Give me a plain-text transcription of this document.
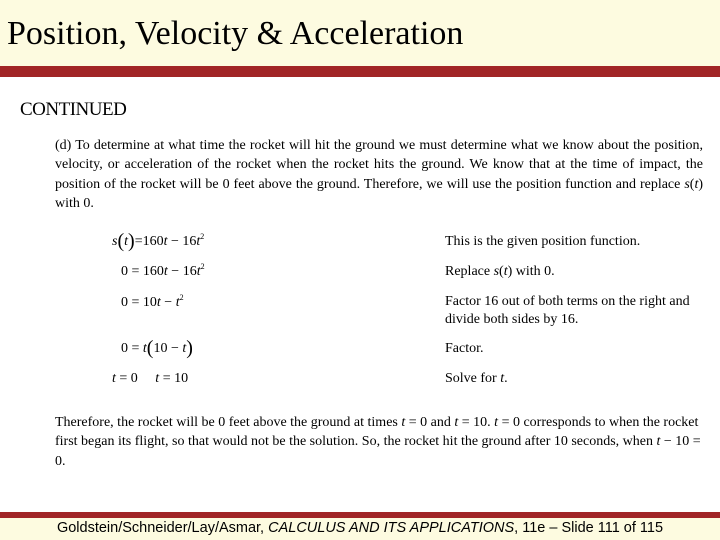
Position, Velocity & Acceleration
CONTINUED
(d) To determine at what time the rocket will hit the ground we must determine what we know about the position, velocity, or acceleration of the rocket when the rocket hits the ground. We know that at the time of impact, the position of the rocket will be 0 feet above the ground. Therefore, we will use the position function and replace s(t) with 0.
$s(t)=160t - 16t^2$	This is the given position function.
$0 = 160t - 16t^2$	Replace s(t) with 0.
$0 = 10t - t^2$	Factor 16 out of both terms on the right and divide both sides by 16.
0 = t(10 − t)	Factor.
t = 0 t = 10	Solve for t.
Therefore, the rocket will be 0 feet above the ground at times t = 0 and t = 10. t = 0 corresponds to when the rocket first began its flight, so that would not be the solution. So, the rocket hit the ground after 10 seconds, when t − 10 = 0.
Goldstein/Schneider/Lay/Asmar, CALCULUS AND ITS APPLICATIONS, 11e – Slide 111 of 115
